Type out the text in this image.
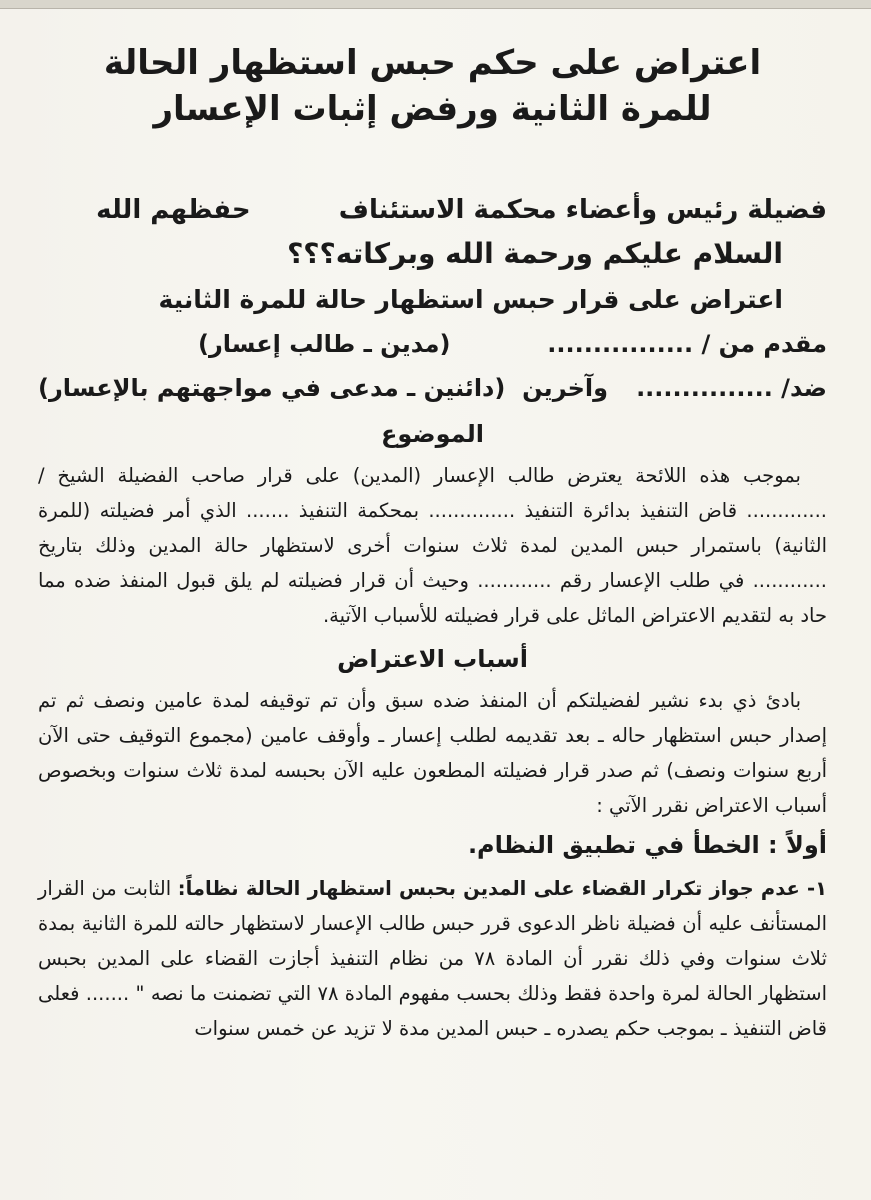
اعتراض على حكم حبس استظهار الحالة
للمرة الثانية ورفض إثبات الإعسار
فضيلة رئيس وأعضاء محكمة الاستئناف  حفظهم الله
السلام عليكم ورحمة الله وبركاته؟؟؟
اعتراض على قرار حبس استظهار حالة للمرة الثانية
مقدم من / ................
(مدين ـ طالب إعسار)
ضد/ ...............
وآخرين
(دائنين ـ مدعى في مواجهتهم بالإعسار)
الموضوع

بموجب هذه اللائحة يعترض طالب الإعسار (المدين) على قرار صاحب الفضيلة الشيخ / ............. قاض التنفيذ بدائرة التنفيذ .............. بمحكمة التنفيذ ....... الذي أمر فضيلته (للمرة الثانية) باستمرار حبس المدين لمدة ثلاث سنوات أخرى لاستظهار حالة المدين وذلك بتاريخ ............ في طلب الإعسار رقم ............ وحيث أن قرار فضيلته لم يلق قبول المنفذ ضده مما حاد به لتقديم الاعتراض الماثل على قرار فضيلته للأسباب الآتية.

أسباب الاعتراض

بادئ ذي بدء نشير لفضيلتكم أن المنفذ ضده سبق وأن تم توقيفه لمدة عامين ونصف ثم تم إصدار حبس استظهار حاله ـ بعد تقديمه لطلب إعسار ـ وأوقف عامين (مجموع التوقيف حتى الآن أربع سنوات ونصف) ثم صدر قرار فضيلته المطعون عليه الآن بحبسه لمدة ثلاث سنوات وبخصوص أسباب الاعتراض نقرر الآتي :

أولاً : الخطأ في تطبيق النظام.

١- عدم جواز تكرار القضاء على المدين بحبس استظهار الحالة نظاماً: الثابت من القرار المستأنف عليه أن فضيلة ناظر الدعوى قرر حبس طالب الإعسار لاستظهار حالته للمرة الثانية بمدة ثلاث سنوات وفي ذلك نقرر أن المادة ٧٨ من نظام التنفيذ أجازت القضاء على المدين بحبس استظهار الحالة لمرة واحدة فقط وذلك بحسب مفهوم المادة ٧٨ التي تضمنت ما نصه " ....... فعلى قاض التنفيذ ـ بموجب حكم يصدره ـ حبس المدين مدة لا تزيد عن خمس سنوات
